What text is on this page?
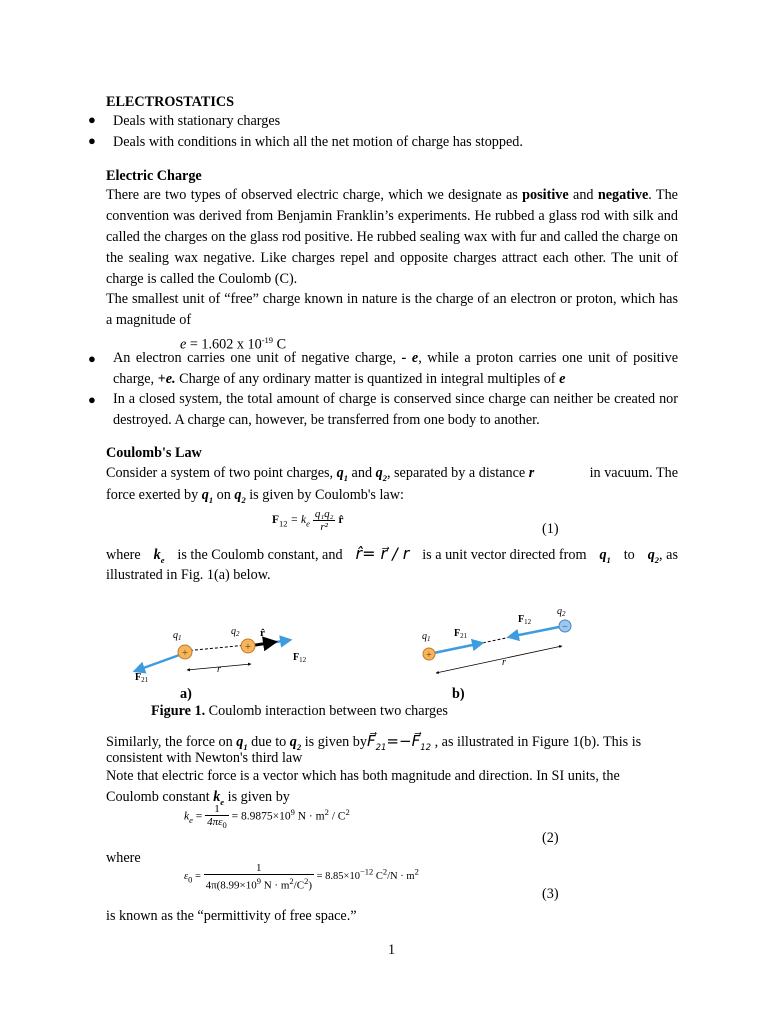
ELECTROSTATICS
● Deals with stationary charges
● Deals with conditions in which all the net motion of charge has stopped.
Electric Charge
There are two types of observed electric charge, which we designate as positive and negative. The convention was derived from Benjamin Franklin’s experiments. He rubbed a glass rod with silk and called the charges on the glass rod positive. He rubbed sealing wax with fur and called the charge on the sealing wax negative. Like charges repel and opposite charges attract each other. The unit of charge is called the Coulomb (C).
The smallest unit of “free” charge known in nature is the charge of an electron or proton, which has a magnitude of
e = 1.602 x $10^{-19}$ C
● An electron carries one unit of negative charge, - e, while a proton carries one unit of positive charge, +e. Charge of any ordinary matter is quantized in integral multiples of e
● In a closed system, the total amount of charge is conserved since charge can neither be created nor destroyed. A charge can, however, be transferred from one body to another.
Coulomb's Law
Consider a system of two point charges, $q_1$ and $q_2$, separated by a distance r	in vacuum. The
force exerted by $q_1$ on $q_2$ is given by Coulomb's law:
$F_{12} = k_e \frac{\text{q₁q₂}}{\text{r²}}$ r̂
(1)
where $k_e$ is the Coulomb constant, and r̂= r⃗ / r is a unit vector directed from $q_1$ to $q_2$, as
illustrated in Fig. 1(a) below.
+	+
$q_1$
$q_2$ r̂
$F_{12}$
$F_{21}$
r
a)
+
−
$q_1$
$q_2$
$F_{12}$
$F_{21}$
r
b)
Figure 1. Coulomb interaction between two charges
Similarly, the force on $q_1$ due to $q_2$ is given $byF⃗_{21}=-F⃗_{12}$ , as illustrated in Figure 1(b). This is
consistent with Newton's third law
Note that electric force is a vector which has both magnitude and direction. In SI units, the
Coulomb constant $k_e$ is given by
$k_e = \frac{1}{4\pi\varepsilon_0} = 8.9875\times 10^9$ $N \cdot m^2 / C^2$
(2)
where
$\varepsilon_0 = \frac{1}{4\pi(8.99\times 10^9 N \cdot m^2/C^2)} = 8.85\times 10^{-12}$ $C^2/N \cdot m^2$
(3)
is known as the “permittivity of free space.”
1
